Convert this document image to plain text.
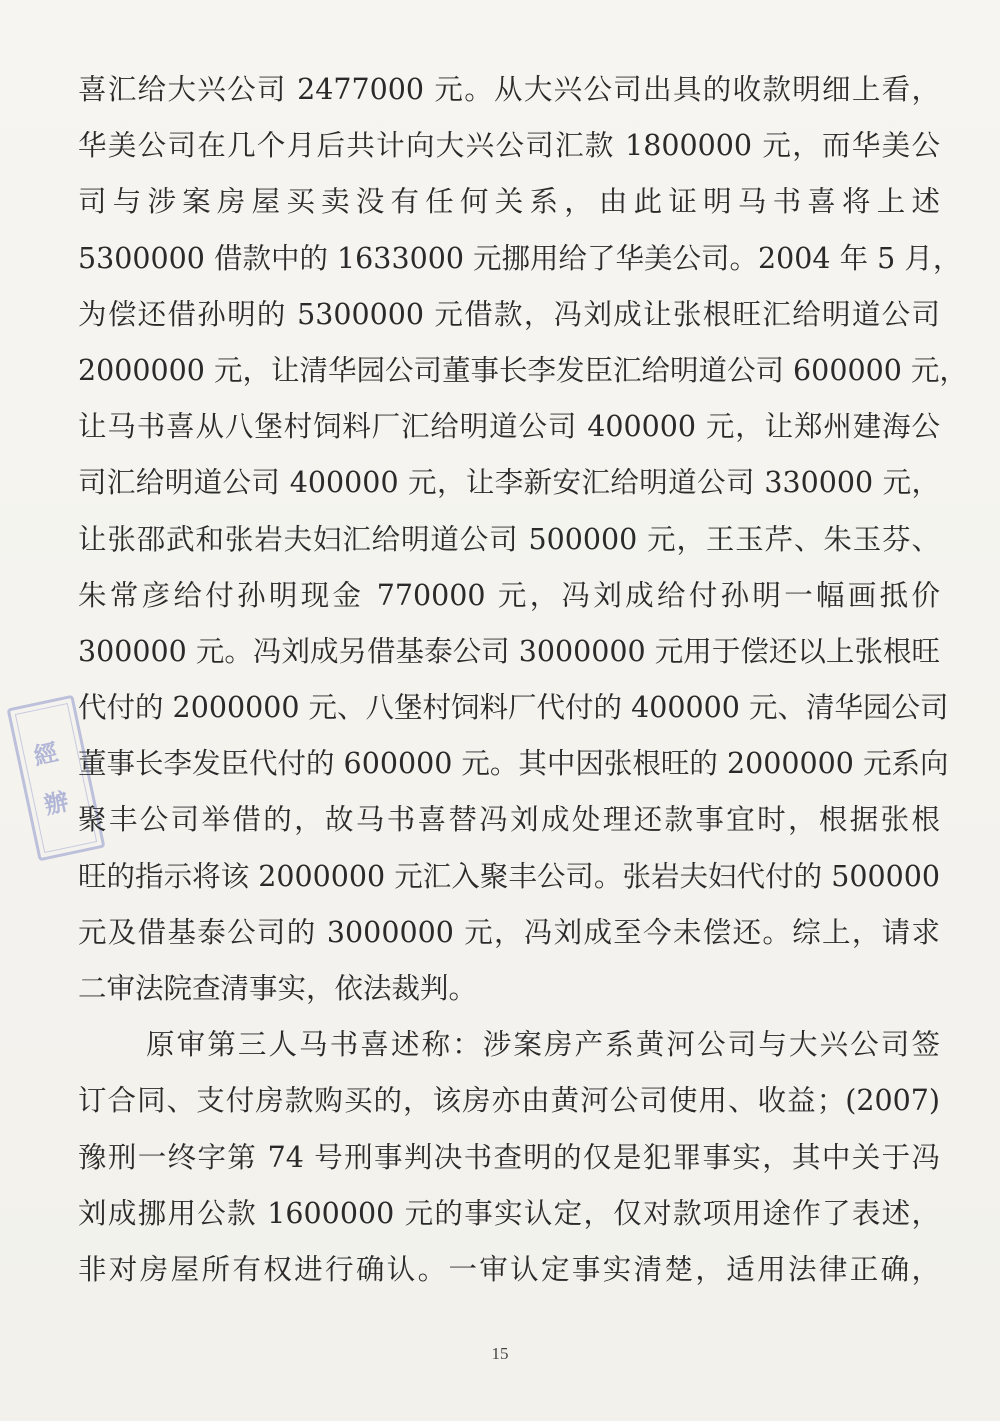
經
辦
喜汇给大兴公司 2477000 元。从大兴公司出具的收款明细上看，
华美公司在几个月后共计向大兴公司汇款 1800000 元，而华美公
司与涉案房屋买卖没有任何关系，由此证明马书喜将上述
5300000 借款中的 1633000 元挪用给了华美公司。2004 年 5 月，
为偿还借孙明的 5300000 元借款，冯刘成让张根旺汇给明道公司
2000000 元，让清华园公司董事长李发臣汇给明道公司 600000 元，
让马书喜从八堡村饲料厂汇给明道公司 400000 元，让郑州建海公
司汇给明道公司 400000 元，让李新安汇给明道公司 330000 元，
让张邵武和张岩夫妇汇给明道公司 500000 元，王玉芹、朱玉芬、
朱常彦给付孙明现金 770000 元，冯刘成给付孙明一幅画抵价
300000 元。冯刘成另借基泰公司 3000000 元用于偿还以上张根旺
代付的 2000000 元、八堡村饲料厂代付的 400000 元、清华园公司
董事长李发臣代付的 600000 元。其中因张根旺的 2000000 元系向
聚丰公司举借的，故马书喜替冯刘成处理还款事宜时，根据张根
旺的指示将该 2000000 元汇入聚丰公司。张岩夫妇代付的 500000
元及借基泰公司的 3000000 元，冯刘成至今未偿还。综上，请求
二审法院查清事实，依法裁判。
原审第三人马书喜述称：涉案房产系黄河公司与大兴公司签
订合同、支付房款购买的，该房亦由黄河公司使用、收益；(2007)
豫刑一终字第 74 号刑事判决书查明的仅是犯罪事实，其中关于冯
刘成挪用公款 1600000 元的事实认定，仅对款项用途作了表述，
非对房屋所有权进行确认。一审认定事实清楚，适用法律正确，
15
